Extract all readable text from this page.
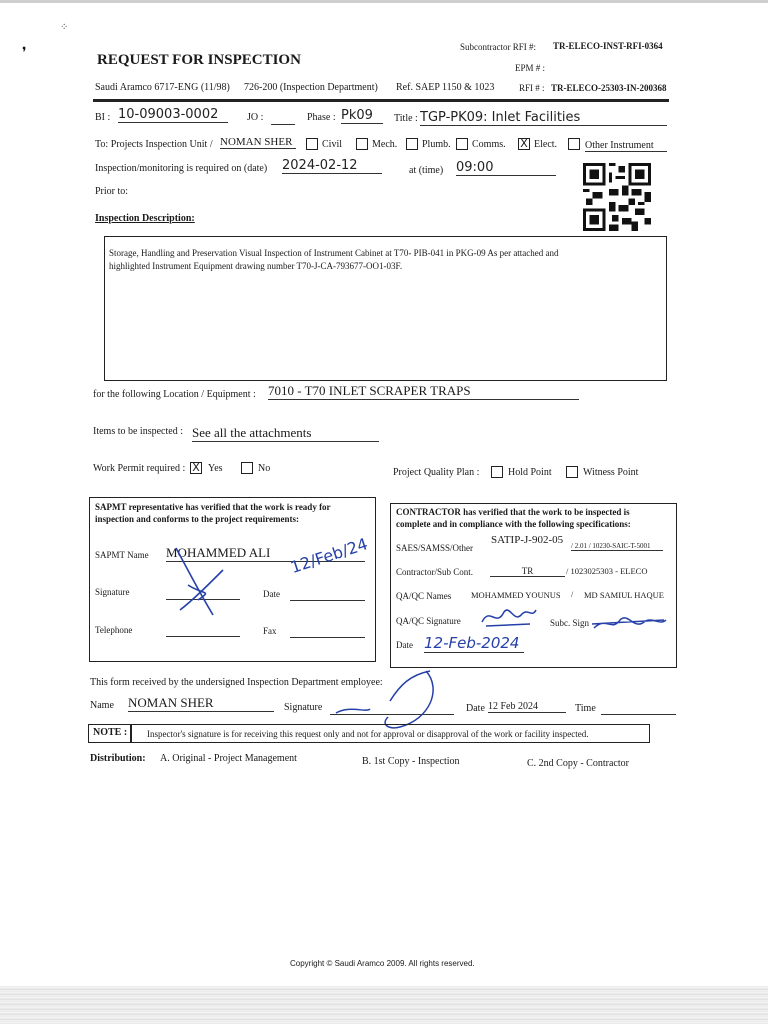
⁘
❜	REQUEST FOR INSPECTION
Saudi Aramco 6717-ENG (11/98) 726-200 (Inspection Department) Ref. SAEP 1150 & 1023
Subcontractor RFI #: TR-ELECO-INST-RFI-0364
EPM # :
RFI # : TR-ELECO-25303-IN-200368
BI : 10-09003-0002	JO :	Phase : Pk09	Title : TGP-PK09: Inlet Facilities
To: Projects Inspection Unit / NOMAN SHER	Civil	Mech. Plumb. Comms. X Elect.	Other Instrument
Inspection/monitoring is required on (date) 2024-02-12	at (time) 09:00
Prior to:
Inspection Description:
Storage, Handling and Preservation Visual Inspection of Instrument Cabinet at T70- PIB-041 in PKG-09 As per attached and
highlighted Instrument Equipment drawing number T70-J-CA-793677-OO1-03F.
for the following Location / Equipment : 7010 - T70 INLET SCRAPER TRAPS
Items to be inspected : See all the attachments
Work Permit required : X Yes	No	Project Quality Plan :	Hold Point	Witness Point
SAPMT representative has verified that the work is ready for
inspection and conforms to the project requirements:
SAPMT Name MOHAMMED ALI
Signature	Date
12/Feb/24
Telephone	Fax
CONTRACTOR has verified that the work to be inspected is
complete and in compliance with the following specifications:
SAES/SAMSS/Other
SATIP-J-902-05 / 2.01 / 10230-SAIC-T-5001
Contractor/Sub Cont.	TR	/ 1023025303 - ELECO
QA/QC Names MOHAMMED YOUNUS / MD SAMIUL HAQUE
QA/QC Signature	Subc. Sign
Date 12-Feb-2024
This form received by the undersigned Inspection Department employee:
Name NOMAN SHER	Signature	Date 12 Feb 2024	Time
NOTE : Inspector's signature is for receiving this request only and not for approval or disapproval of the work or facility inspected.
Distribution: A. Original - Project Management	B. 1st Copy - Inspection	C. 2nd Copy - Contractor
Copyright © Saudi Aramco 2009. All rights reserved.
